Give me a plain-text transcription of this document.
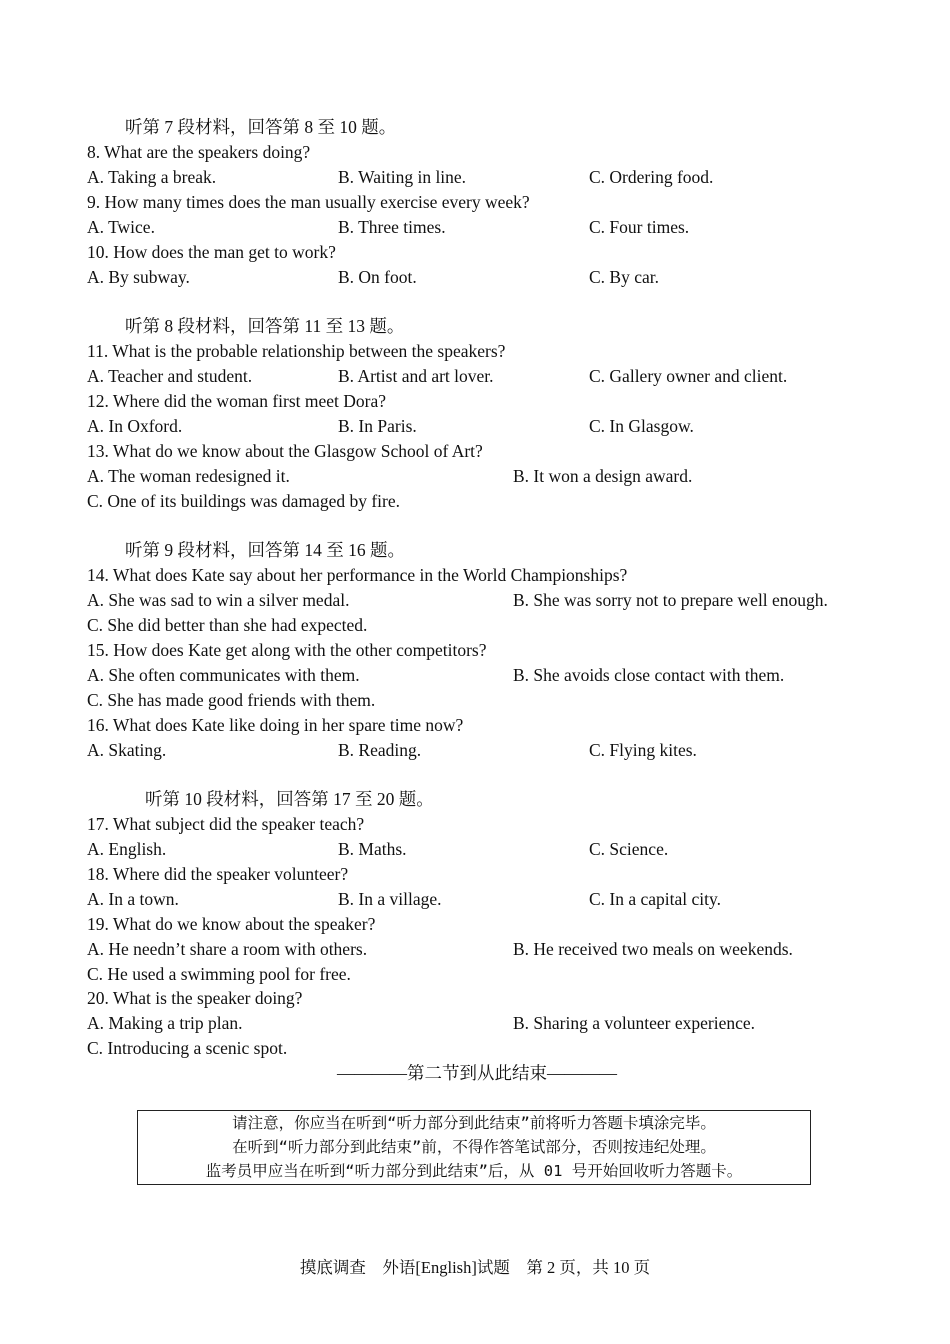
听第 7 段材料，回答第 8 至 10 题。
8. What are the speakers doing?
A. Taking a break.	B. Waiting in line.	C. Ordering food.
9. How many times does the man usually exercise every week?
A. Twice.	B. Three times.	C. Four times.
10. How does the man get to work?
A. By subway.	B. On foot.	C. By car.
听第 8 段材料，回答第 11 至 13 题。
11. What is the probable relationship between the speakers?
A. Teacher and student.	B. Artist and art lover.	C. Gallery owner and client.
12. Where did the woman first meet Dora?
A. In Oxford.	B. In Paris.	C. In Glasgow.
13. What do we know about the Glasgow School of Art?
A. The woman redesigned it.	B. It won a design award.
C. One of its buildings was damaged by fire.
听第 9 段材料，回答第 14 至 16 题。
14. What does Kate say about her performance in the World Championships?
A. She was sad to win a silver medal.	B. She was sorry not to prepare well enough.
C. She did better than she had expected.
15. How does Kate get along with the other competitors?
A. She often communicates with them.	B. She avoids close contact with them.
C. She has made good friends with them.
16. What does Kate like doing in her spare time now?
A. Skating.	B. Reading.	C. Flying kites.
听第 10 段材料，回答第 17 至 20 题。
17. What subject did the speaker teach?
A. English.	B. Maths.	C. Science.
18. Where did the speaker volunteer?
A. In a town.	B. In a village.	C. In a capital city.
19. What do we know about the speaker?
A. He needn’t share a room with others.	B. He received two meals on weekends.
C. He used a swimming pool for free.
20. What is the speaker doing?
A. Making a trip plan.	B. Sharing a volunteer experience.
C. Introducing a scenic spot.
————第二节到从此结束————
请注意，你应当在听到“听力部分到此结束”前将听力答题卡填涂完毕。
在听到“听力部分到此结束”前，不得作答笔试部分，否则按违纪处理。
监考员甲应当在听到“听力部分到此结束”后，从 01 号开始回收听力答题卡。
摸底调查　外语[English]试题　第 2 页，共 10 页
